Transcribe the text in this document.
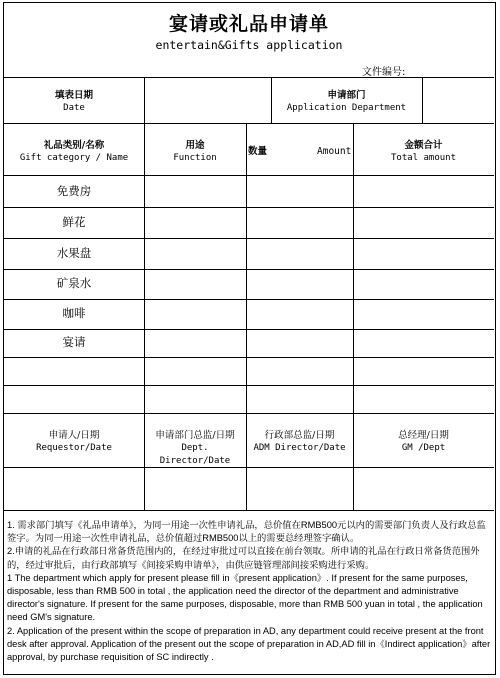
宴请或礼品申请单
entertain&Gifts application
文件编号:
填表日期
Date
申请部门
Application Department
礼品类别/名称
Gift category / Name
用途
Function
数量	Amount
金额合计
Total amount
免费房
鲜花
水果盘
矿泉水
咖啡
宴请
申请人/日期
Requestor/Date
申请部门总监/日期
Dept. Director/Date
行政部总监/日期
ADM Director/Date
总经理/日期
GM /Dept
1. 需求部门填写《礼品申请单》，为同一用途一次性申请礼品，总价值在RMB500元以内的需要部门负责人及行政总监签字。为同一用途一次性申请礼品，总价值超过RMB500以上的需要总经理签字确认。
2.申请的礼品在行政部日常备货范围内的，在经过审批过可以直接在前台领取。所申请的礼品在行政日常备货范围外的，经过审批后，由行政部填写《间接采购申请单》，由供应链管理部间接采购进行采购。
1 The department which apply for present please fill in《present application》. If present for the same purposes, disposable, less than RMB 500 in total , the application need the director of the department and administrative director's signature. If present for the same purposes, disposable, more than RMB 500 yuan in total , the application need GM's signature.
2. Application of the present within the scope of preparation in AD, any department could receive present at the front desk after approval. Application of the present out the scope of preparation in AD,AD fill in《Indirect application》after approval, by purchase requisition of SC indirectly .
